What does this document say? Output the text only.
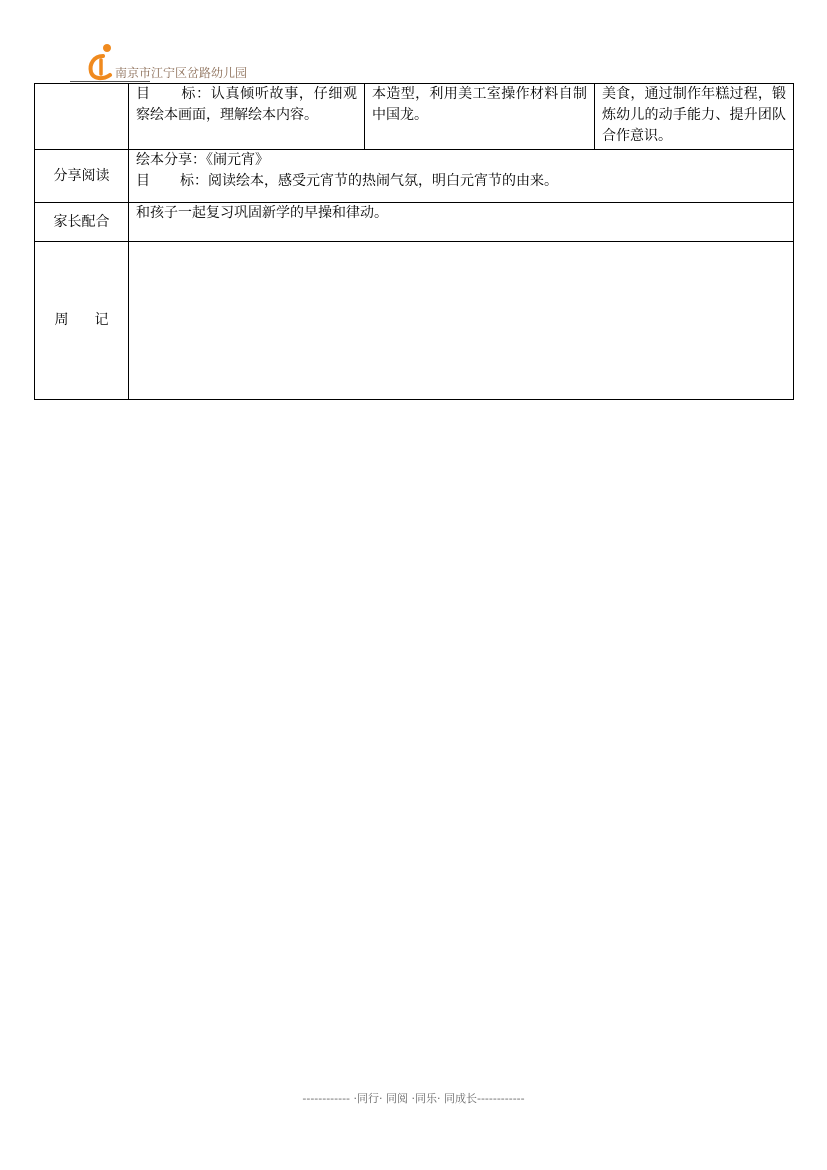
南京市江宁区岔路幼儿园
	目 标：认真倾听故事，仔细观察绘本画面，理解绘本内容。	本造型，利用美工室操作材料自制中国龙。	美食，通过制作年糕过程，锻炼幼儿的动手能力、提升团队合作意识。
分享阅读	绘本分享：《闹元宵》
目 标：阅读绘本，感受元宵节的热闹气氛，明白元宵节的由来。		

家长配合	和孩子一起复习巩固新学的早操和律动。		
周 记			
------------ ·同行· 同阅 ·同乐· 同成长------------
